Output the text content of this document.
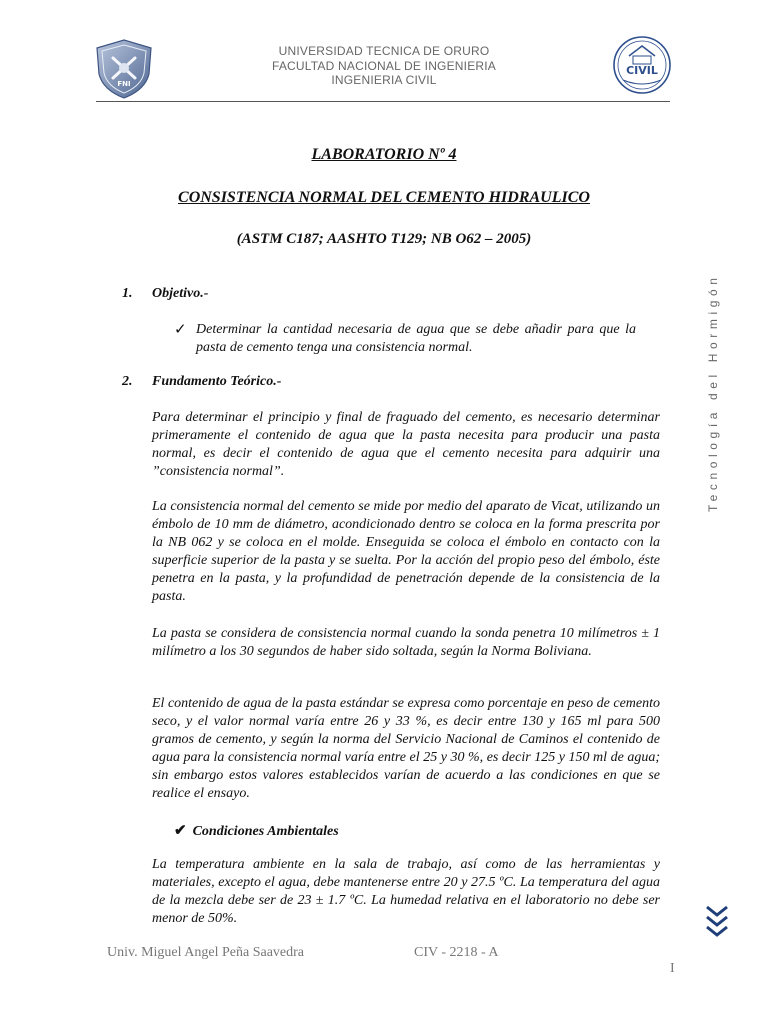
FNI
UNIVERSIDAD TECNICA DE ORURO
FACULTAD NACIONAL DE INGENIERIA
INGENIERIA CIVIL
CIVIL
Tecnología del Hormigón
LABORATORIO Nº 4
CONSISTENCIA NORMAL DEL CEMENTO HIDRAULICO
(ASTM C187; AASHTO T129; NB O62 – 2005)
1. Objetivo.-
✓ Determinar la cantidad necesaria de agua que se debe añadir para que la pasta de cemento tenga una consistencia normal.
2. Fundamento Teórico.-
Para determinar el principio y final de fraguado del cemento, es necesario determinar primeramente el contenido de agua que la pasta necesita para producir una pasta normal, es decir el contenido de agua que el cemento necesita para adquirir una ”consistencia normal”.
La consistencia normal del cemento se mide por medio del aparato de Vicat, utilizando un émbolo de 10 mm de diámetro, acondicionado dentro se coloca en la forma prescrita por la NB 062 y se coloca en el molde. Enseguida se coloca el émbolo en contacto con la superficie superior de la pasta y se suelta. Por la acción del propio peso del émbolo, éste penetra en la pasta, y la profundidad de penetración depende de la consistencia de la pasta.
La pasta se considera de consistencia normal cuando la sonda penetra 10 milímetros ± 1 milímetro a los 30 segundos de haber sido soltada, según la Norma Boliviana.
El contenido de agua de la pasta estándar se expresa como porcentaje en peso de cemento seco, y el valor normal varía entre 26 y 33 %, es decir entre 130 y 165 ml para 500 gramos de cemento, y según la norma del Servicio Nacional de Caminos el contenido de agua para la consistencia normal varía entre el 25 y 30 %, es decir 125 y 150 ml de agua; sin embargo estos valores establecidos varían de acuerdo a las condiciones en que se realice el ensayo.
✔ Condiciones Ambientales
La temperatura ambiente en la sala de trabajo, así como de las herramientas y materiales, excepto el agua, debe mantenerse entre 20 y 27.5 ºC. La temperatura del agua de la mezcla debe ser de 23 ± 1.7 ºC. La humedad relativa en el laboratorio no debe ser menor de 50%.
Univ. Miguel Angel Peña Saavedra	CIV - 2218 - A
I
